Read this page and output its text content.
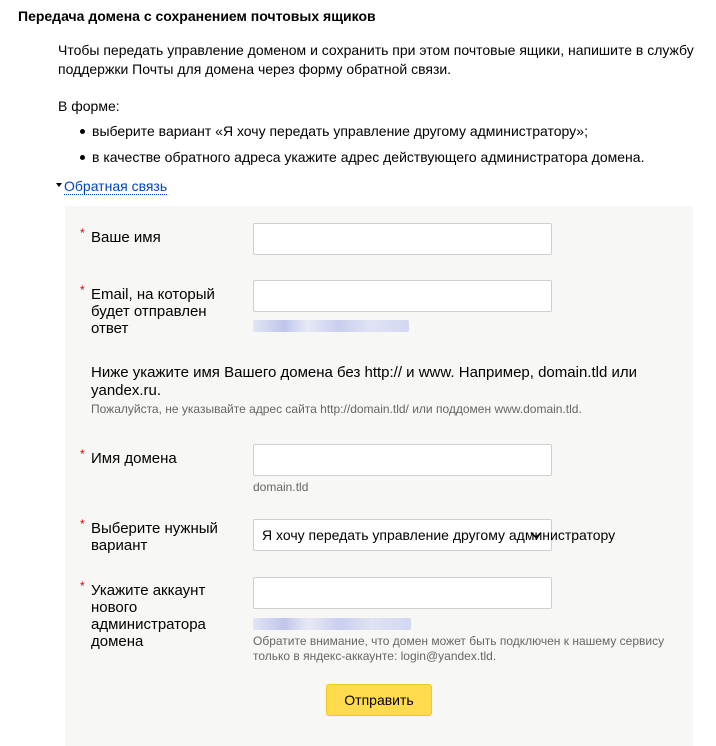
Передача домена с сохранением почтовых ящиков
Чтобы передать управление доменом и сохранить при этом почтовые ящики, напишите в службу поддержки Почты для домена через форму обратной связи.
В форме:
выберите вариант «Я хочу передать управление другому администратору»;
в качестве обратного адреса укажите адрес действующего администратора домена.
Обратная связь
* Ваше имя
* Email, на который будет отправлен ответ
Ниже укажите имя Вашего домена без http:// и www. Например, domain.tld или yandex.ru.
Пожалуйста, не указывайте адрес сайта http://domain.tld/ или поддомен www.domain.tld.
* Имя домена
domain.tld
* Выберите нужный вариант
Я хочу передать управление другому администратору
* Укажите аккаунт нового администратора домена	Обратите внимание, что домен может быть подключен к нашему сервису только в яндекс-аккаунте: login@yandex.tld.
Отправить
